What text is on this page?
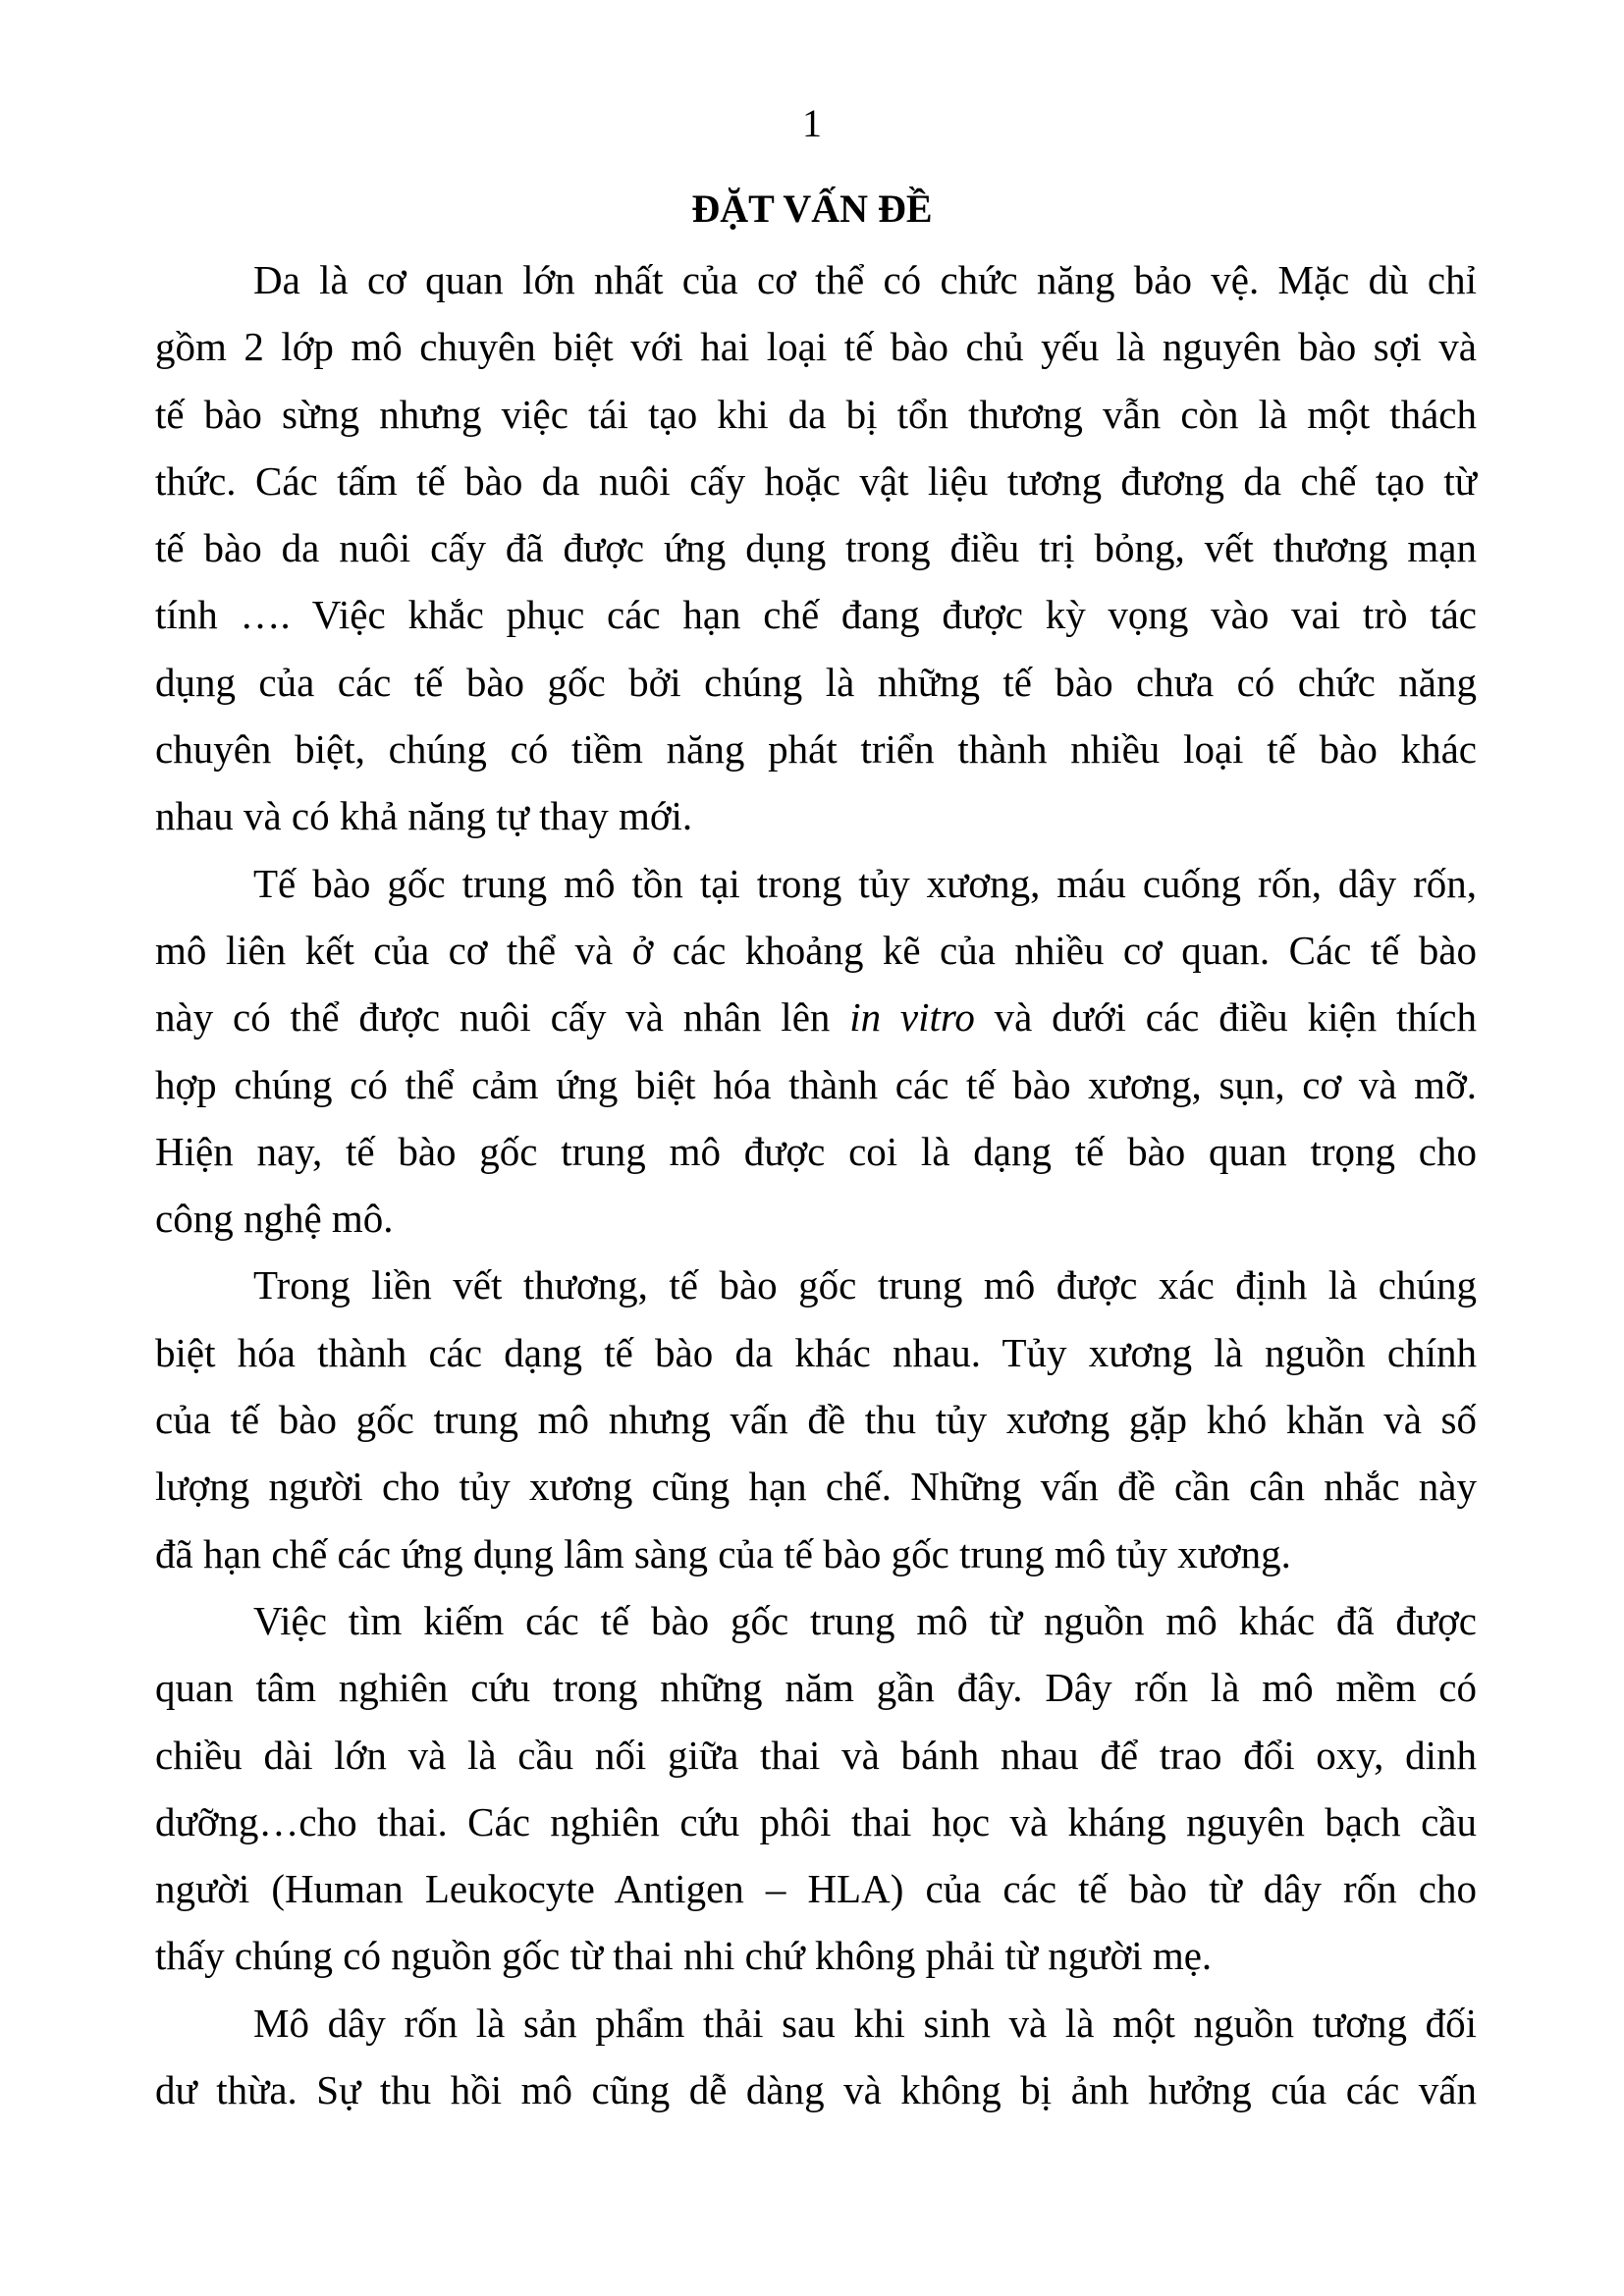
1
ĐẶT VẤN ĐỀ
Da là cơ quan lớn nhất của cơ thể có chức năng bảo vệ. Mặc dù chỉ
gồm 2 lớp mô chuyên biệt với hai loại tế bào chủ yếu là nguyên bào sợi và
tế bào sừng nhưng việc tái tạo khi da bị tổn thương vẫn còn là một thách
thức. Các tấm tế bào da nuôi cấy hoặc vật liệu tương đương da chế tạo từ
tế bào da nuôi cấy đã được ứng dụng trong điều trị bỏng, vết thương mạn
tính …. Việc khắc phục các hạn chế đang được kỳ vọng vào vai trò tác
dụng của các tế bào gốc bởi chúng là những tế bào chưa có chức năng
chuyên biệt, chúng có tiềm năng phát triển thành nhiều loại tế bào khác
nhau và có khả năng tự thay mới.
Tế bào gốc trung mô tồn tại trong tủy xương, máu cuống rốn, dây rốn,
mô liên kết của cơ thể và ở các khoảng kẽ của nhiều cơ quan. Các tế bào
này có thể được nuôi cấy và nhân lên in vitro và dưới các điều kiện thích
hợp chúng có thể cảm ứng biệt hóa thành các tế bào xương, sụn, cơ và mỡ.
Hiện nay, tế bào gốc trung mô được coi là dạng tế bào quan trọng cho
công nghệ mô.
Trong liền vết thương, tế bào gốc trung mô được xác định là chúng
biệt hóa thành các dạng tế bào da khác nhau. Tủy xương là nguồn chính
của tế bào gốc trung mô nhưng vấn đề thu tủy xương gặp khó khăn và số
lượng người cho tủy xương cũng hạn chế. Những vấn đề cần cân nhắc này
đã hạn chế các ứng dụng lâm sàng của tế bào gốc trung mô tủy xương.
Việc tìm kiếm các tế bào gốc trung mô từ nguồn mô khác đã được
quan tâm nghiên cứu trong những năm gần đây. Dây rốn là mô mềm có
chiều dài lớn và là cầu nối giữa thai và bánh nhau để trao đổi oxy, dinh
dưỡng…cho thai. Các nghiên cứu phôi thai học và kháng nguyên bạch cầu
người (Human Leukocyte Antigen – HLA) của các tế bào từ dây rốn cho
thấy chúng có nguồn gốc từ thai nhi chứ không phải từ người mẹ.
Mô dây rốn là sản phẩm thải sau khi sinh và là một nguồn tương đối
dư thừa. Sự thu hồi mô cũng dễ dàng và không bị ảnh hưởng cúa các vấn
